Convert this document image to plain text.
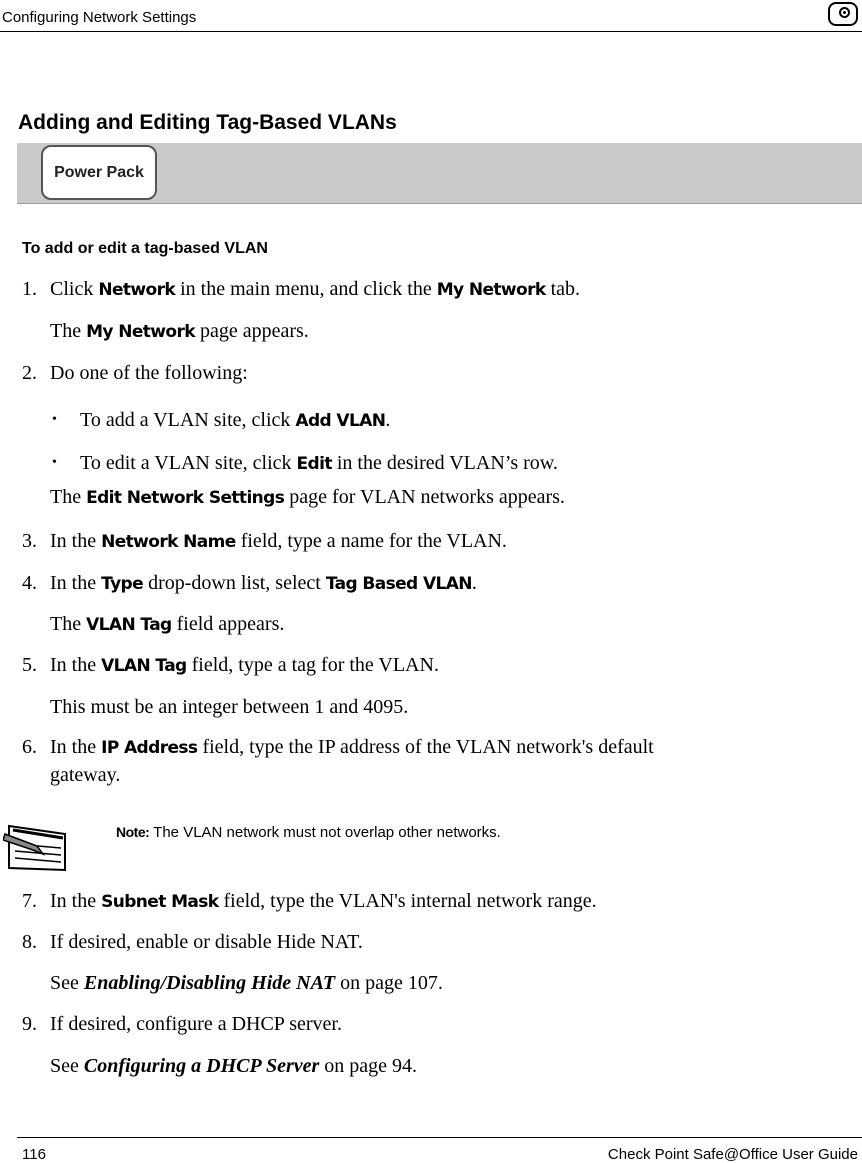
Configuring Network Settings
Adding and Editing Tag-Based VLANs
Power Pack
To add or edit a tag-based VLAN
1. Click Network in the main menu, and click the My Network tab.
The My Network page appears.
2. Do one of the following:
• To add a VLAN site, click Add VLAN.
• To edit a VLAN site, click Edit in the desired VLAN’s row.
The Edit Network Settings page for VLAN networks appears.
3. In the Network Name field, type a name for the VLAN.
4. In the Type drop-down list, select Tag Based VLAN.
The VLAN Tag field appears.
5. In the VLAN Tag field, type a tag for the VLAN.
This must be an integer between 1 and 4095.
6. In the IP Address field, type the IP address of the VLAN network's default
gateway.
Note: The VLAN network must not overlap other networks.
7. In the Subnet Mask field, type the VLAN's internal network range.
8. If desired, enable or disable Hide NAT.
See Enabling/Disabling Hide NAT on page 107.
9. If desired, configure a DHCP server.
See Configuring a DHCP Server on page 94.
116	Check Point Safe@Office User Guide
